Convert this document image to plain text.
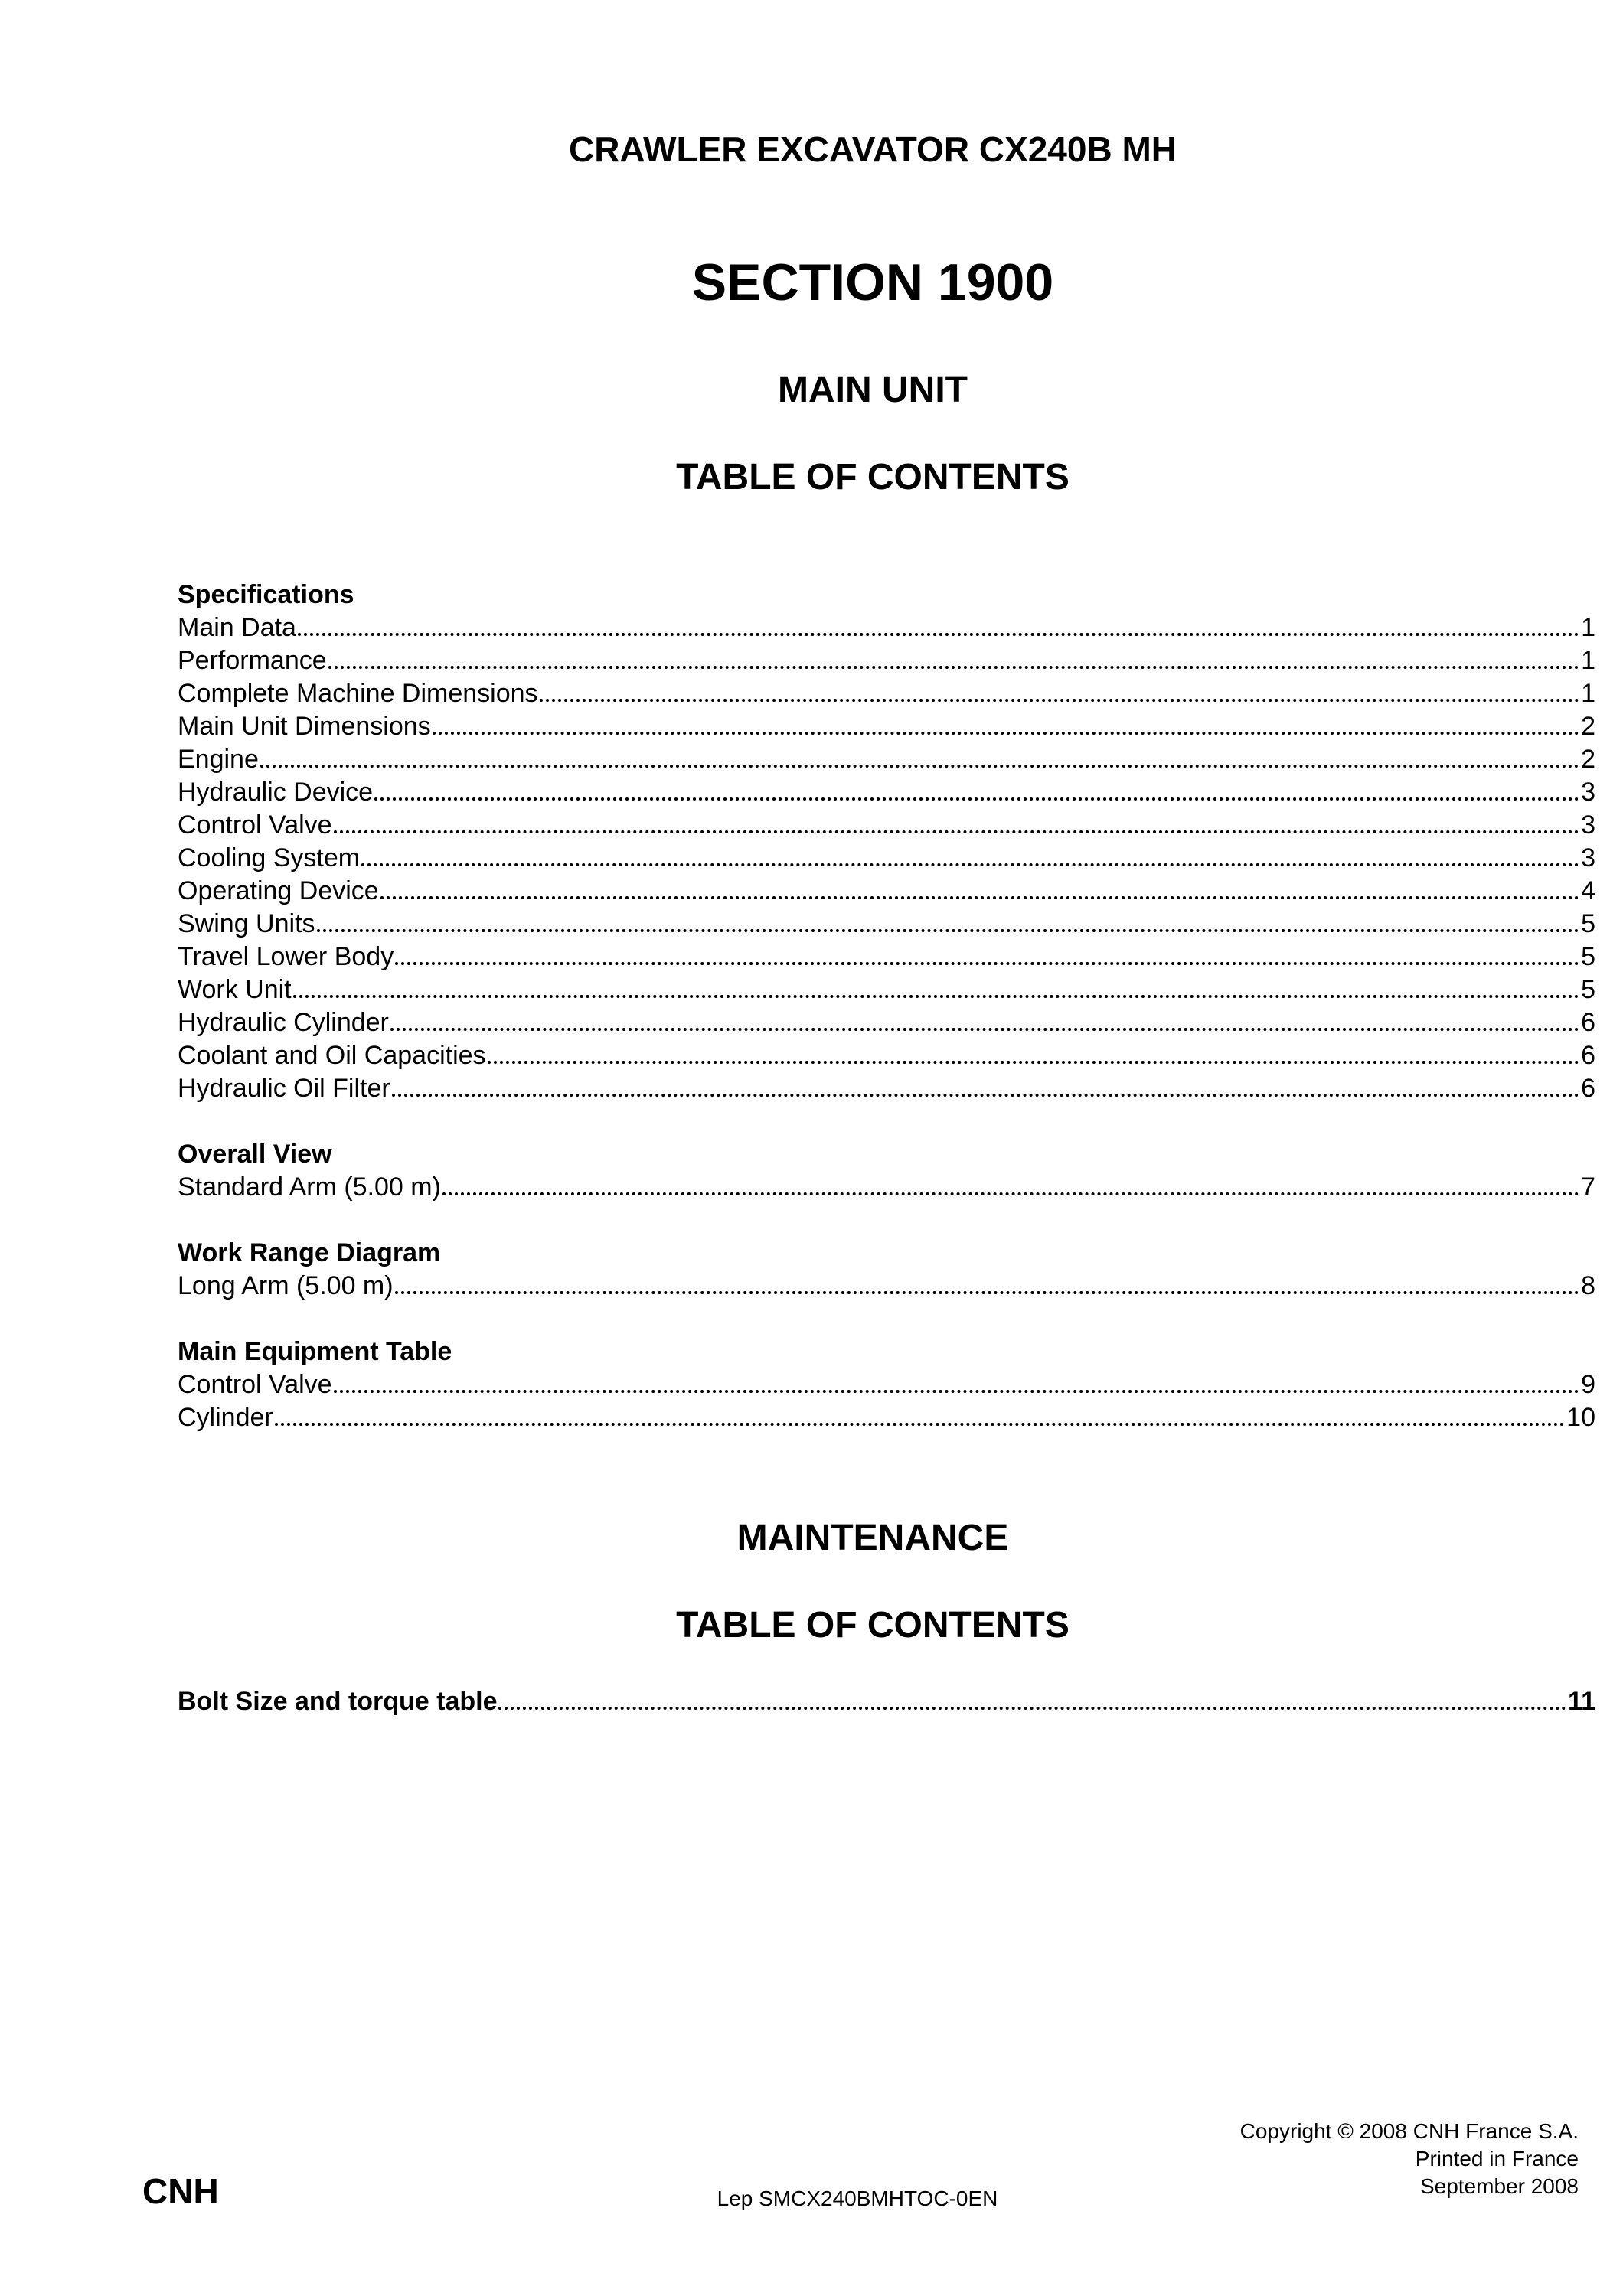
CRAWLER EXCAVATOR CX240B MH
SECTION 1900
MAIN UNIT
TABLE OF CONTENTS
Specifications
Main Data	1
Performance	1
Complete Machine Dimensions	1
Main Unit Dimensions	2
Engine	2
Hydraulic Device	3
Control Valve	3
Cooling System	3
Operating Device	4
Swing Units	5
Travel Lower Body	5
Work Unit	5
Hydraulic Cylinder	6
Coolant and Oil Capacities	6
Hydraulic Oil Filter	6
Overall View
Standard Arm (5.00 m)	7
Work Range Diagram
Long Arm (5.00 m)	8
Main Equipment Table
Control Valve	9
Cylinder	10
MAINTENANCE
TABLE OF CONTENTS
Bolt Size and torque table	11
CNH	Lep SMCX240BMHTOC-0EN
Copyright © 2008 CNH France S.A.
Printed in France
September 2008
